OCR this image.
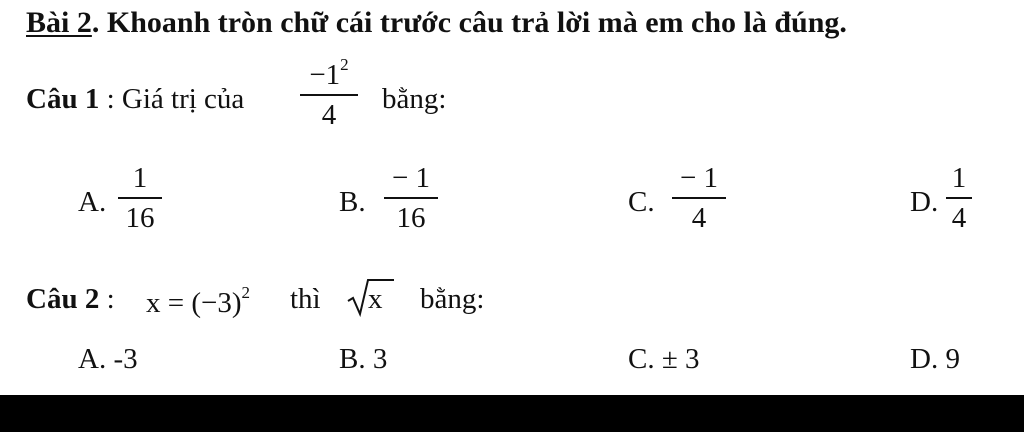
Bài 2. Khoanh tròn chữ cái trước câu trả lời mà em cho là đúng.
Câu 1 : Giá trị của
$-1^2$
4	bằng:
A.
1
16	B.
− 1
16	C.
− 1
4	D.
1
4
Câu 2 : $x = (-3)^2$ thì x bằng:
A. -3	B. 3	C. ± 3	D. 9
